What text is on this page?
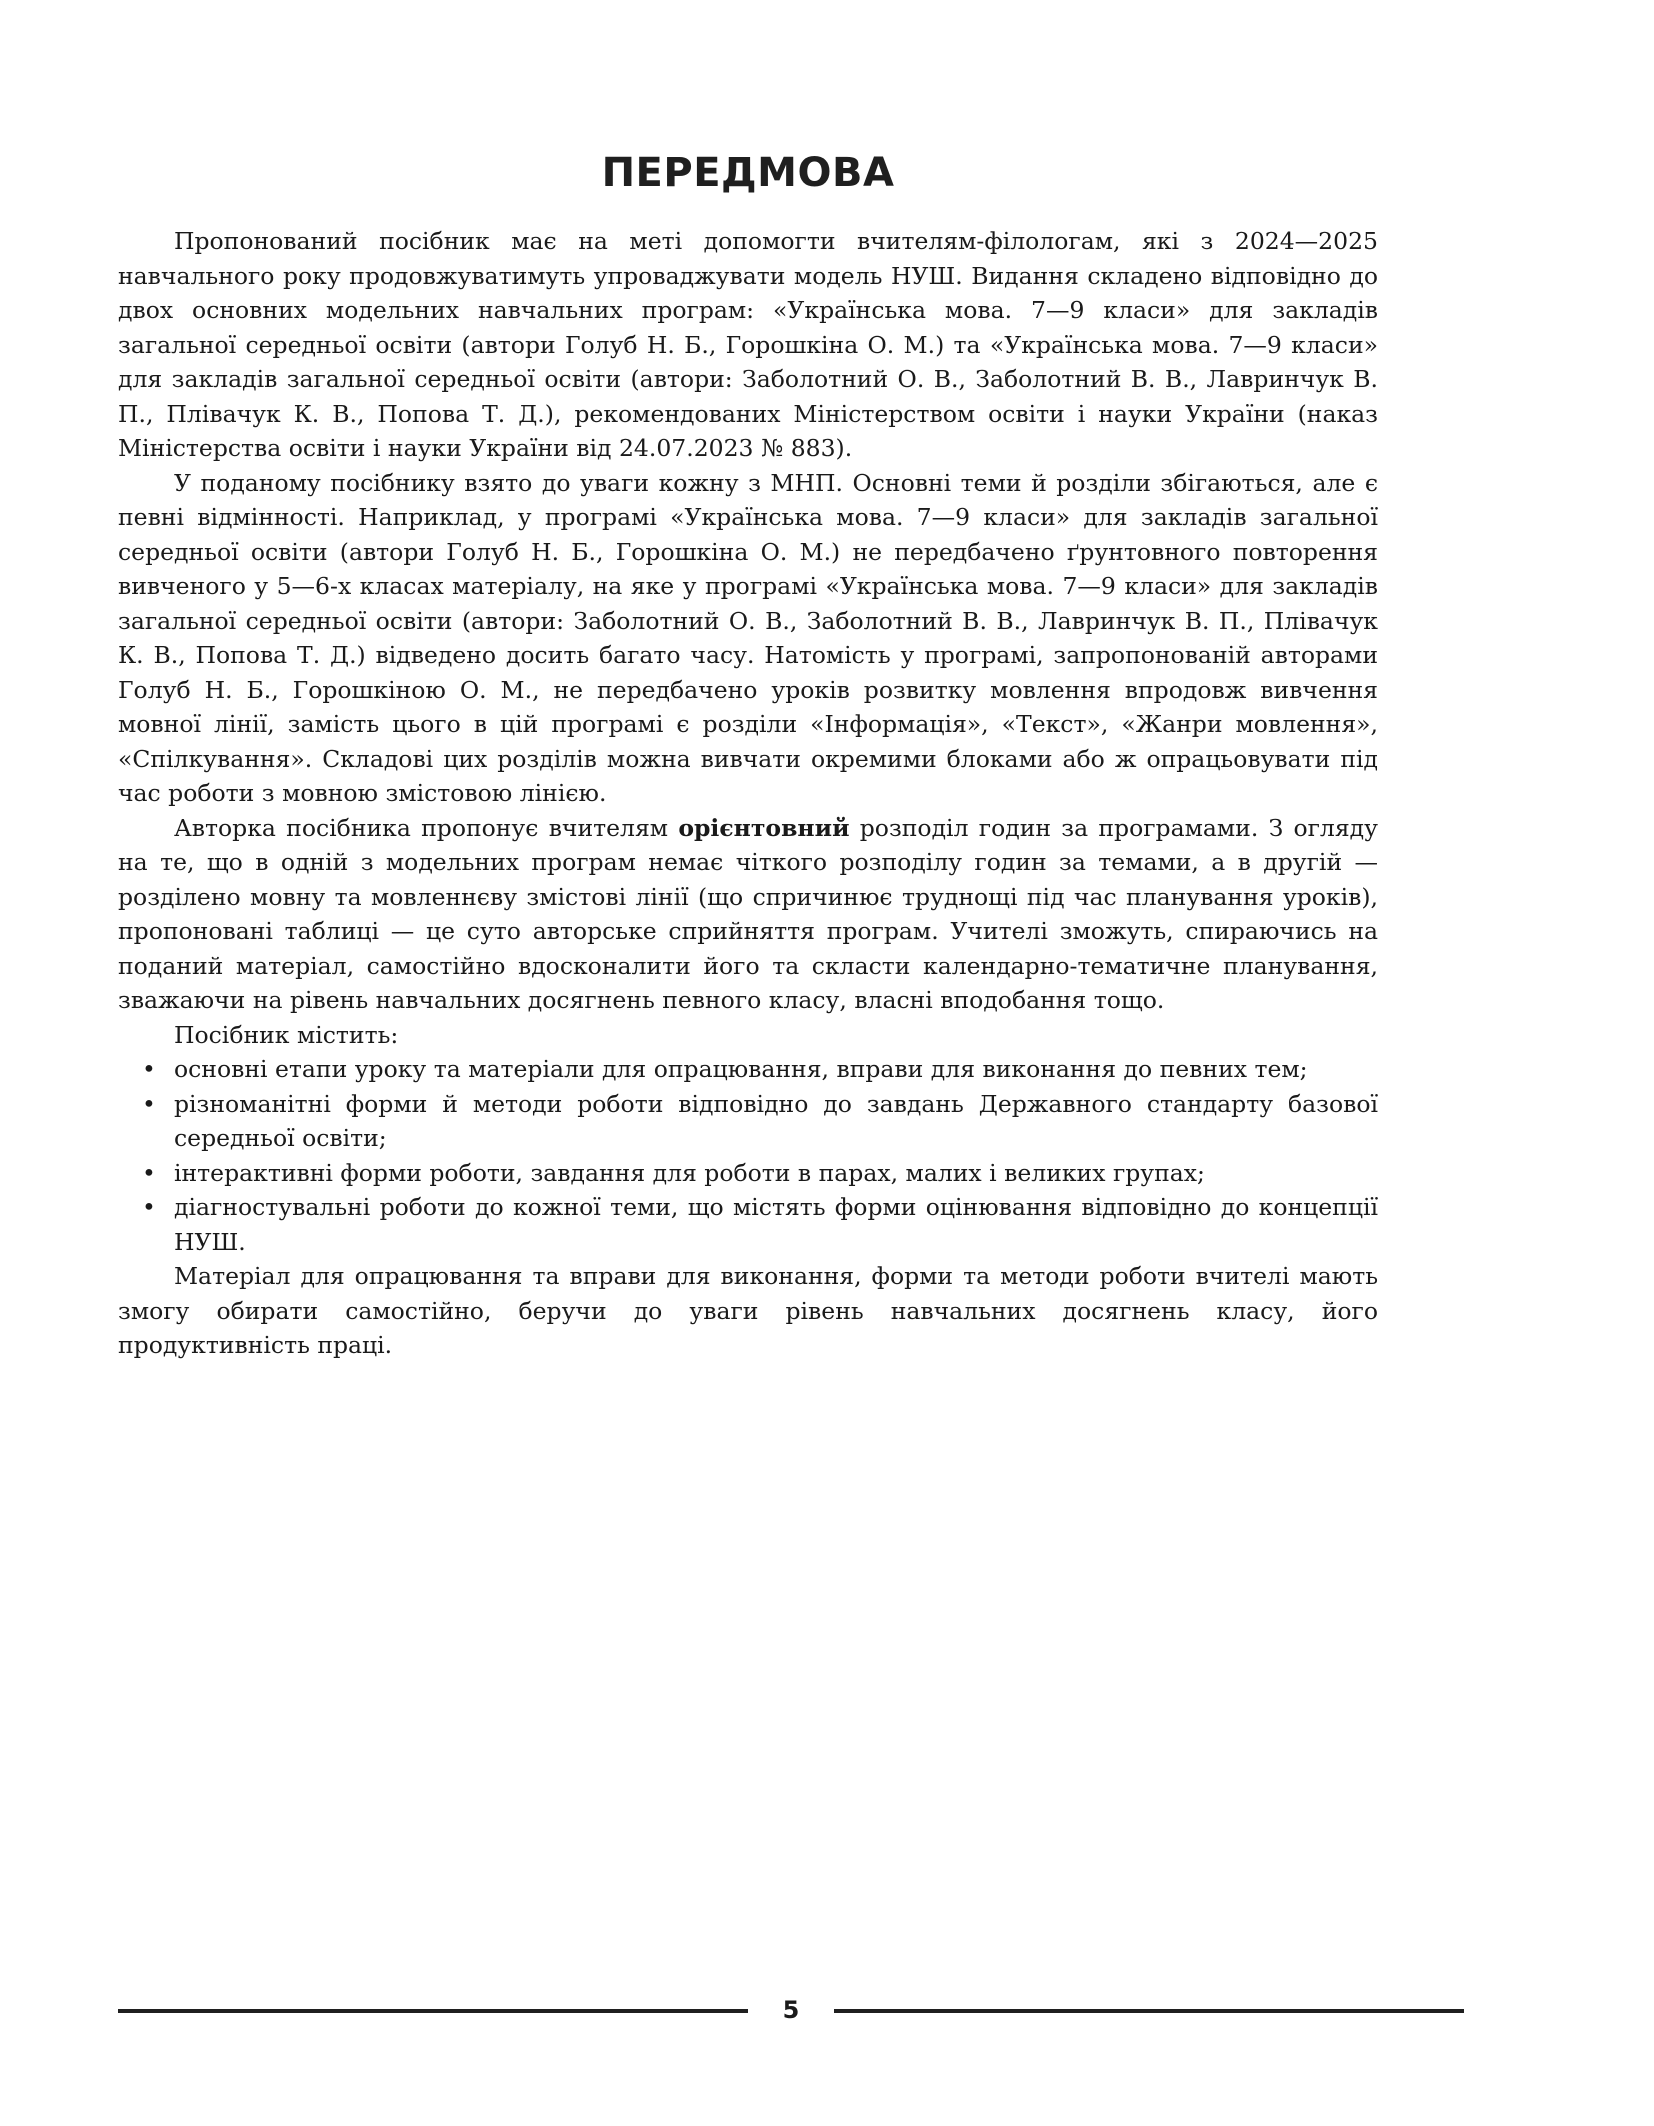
ПЕРЕДМОВА

Пропонований посібник має на меті допомогти вчителям-філологам, які з 2024—2025 навчального року продовжуватимуть упроваджувати модель НУШ. Видання складено відповідно до двох основних модельних навчальних програм: «Українська мова. 7—9 класи» для закладів загальної середньої освіти (автори Голуб Н. Б., Горошкіна О. М.) та «Українська мова. 7—9 класи» для закладів загальної середньої освіти (автори: Заболотний О. В., Заболотний В. В., Лавринчук В. П., Плівачук К. В., Попова Т. Д.), рекомендованих Міністерством освіти і науки України (наказ Міністерства освіти і науки України від 24.07.2023 № 883).

У поданому посібнику взято до уваги кожну з МНП. Основні теми й розділи збігаються, але є певні відмінності. Наприклад, у програмі «Українська мова. 7—9 класи» для закладів загальної середньої освіти (автори Голуб Н. Б., Горошкіна О. М.) не передбачено ґрунтовного повторення вивченого у 5—6-х класах матеріалу, на яке у програмі «Українська мова. 7—9 класи» для закладів загальної середньої освіти (автори: Заболотний О. В., Заболотний В. В., Лавринчук В. П., Плівачук К. В., Попова Т. Д.) відведено досить багато часу. Натомість у програмі, запропонованій авторами Голуб Н. Б., Горошкіною О. М., не передбачено уроків розвитку мовлення впродовж вивчення мовної лінії, замість цього в цій програмі є розділи «Інформація», «Текст», «Жанри мовлення», «Спілкування». Складові цих розділів можна вивчати окремими блоками або ж опрацьовувати під час роботи з мовною змістовою лінією.

Авторка посібника пропонує вчителям орієнтовний розподіл годин за програмами. З огляду на те, що в одній з модельних програм немає чіткого розподілу годин за темами, а в другій — розділено мовну та мовленнєву змістові лінії (що спричинює труднощі під час планування уроків), пропоновані таблиці — це суто авторське сприйняття програм. Учителі зможуть, спираючись на поданий матеріал, самостійно вдосконалити його та скласти календарно-тематичне планування, зважаючи на рівень навчальних досягнень певного класу, власні вподобання тощо.

Посібник містить:

• основні етапи уроку та матеріали для опрацювання, вправи для виконання до певних тем;
• різноманітні форми й методи роботи відповідно до завдань Державного стандарту базової середньої освіти;
• інтерактивні форми роботи, завдання для роботи в парах, малих і великих групах;
• діагностувальні роботи до кожної теми, що містять форми оцінювання відповідно до концепції НУШ.

Матеріал для опрацювання та вправи для виконання, форми та методи роботи вчителі мають змогу обирати самостійно, беручи до уваги рівень навчальних досягнень класу, його продуктивність праці.

5
